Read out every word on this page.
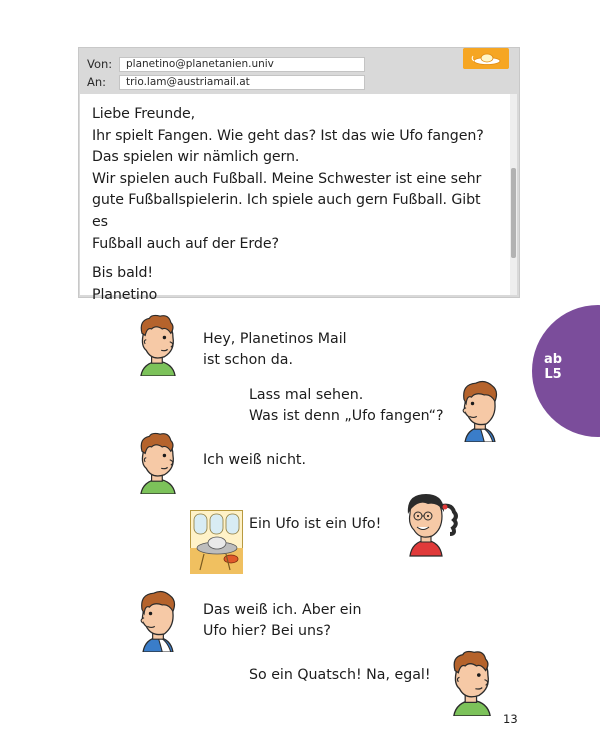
Von:	planetino@planetanien.univ
An:	trio.lam@austriamail.at
Liebe Freunde,
Ihr spielt Fangen. Wie geht das? Ist das wie Ufo fangen?
Das spielen wir nämlich gern.
Wir spielen auch Fußball. Meine Schwester ist eine sehr
gute Fußballspielerin. Ich spiele auch gern Fußball. Gibt es
Fußball auch auf der Erde?
Bis bald!
Planetino
ab
L5
Hey, Planetinos Mail
ist schon da.
Lass mal sehen.
Was ist denn „Ufo fangen“?
Ich weiß nicht.
Ein Ufo ist ein Ufo!
Das weiß ich. Aber ein
Ufo hier? Bei uns?
So ein Quatsch! Na, egal!
13
